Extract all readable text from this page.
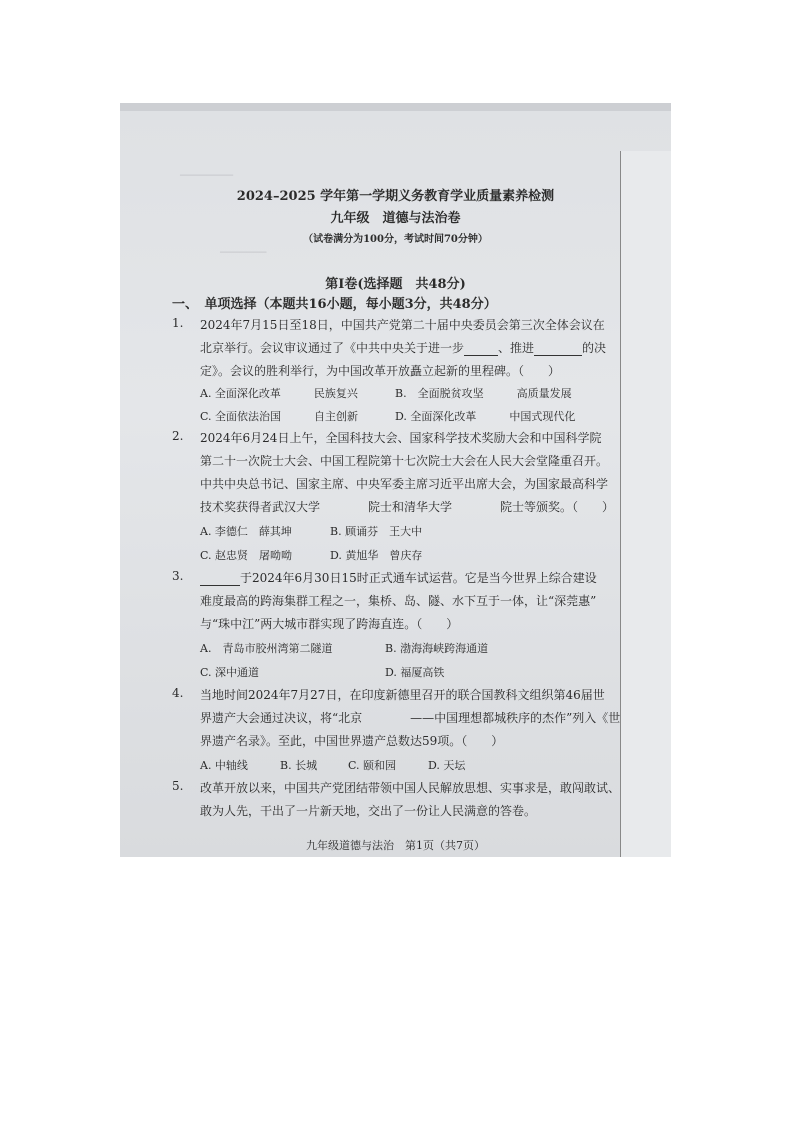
────────
───────
2024–2025 学年第一学期义务教育学业质量素养检测
九年级　道德与法治卷
（试卷满分为100分，考试时间70分钟）
第Ⅰ卷(选择题　共48分)
一、　单项选择（本题共16小题，每小题3分，共48分）
1. 2024年7月15日至18日，中国共产党第二十届中央委员会第三次全体会议在
北京举行。会议审议通过了《中共中央关于进一步	、推进	的决
定》。会议的胜利举行，为中国改革开放矗立起新的里程碑。（　　）
A. 全面深化改革　　　民族复兴	B.　全面脱贫攻坚　　　高质量发展
C. 全面依法治国　　　自主创新	D. 全面深化改革　　　中国式现代化
2. 2024年6月24日上午，全国科技大会、国家科学技术奖励大会和中国科学院
第二十一次院士大会、中国工程院第十七次院士大会在人民大会堂隆重召开。
中共中央总书记、国家主席、中央军委主席习近平出席大会，为国家最高科学
技术奖获得者武汉大学　　　　院士和清华大学　　　　院士等颁奖。（　　）
A. 李德仁　薛其坤	B. 顾诵芬　王大中
C. 赵忠贤　屠呦呦	D. 黄旭华　曾庆存
3.	于2024年6月30日15时正式通车试运营。它是当今世界上综合建设
难度最高的跨海集群工程之一，集桥、岛、隧、水下互于一体，让“深莞惠”
与“珠中江”两大城市群实现了跨海直连。（　　）
A.　青岛市胶州湾第二隧道	B. 渤海海峡跨海通道
C. 深中通道	D. 福厦高铁
4. 当地时间2024年7月27日，在印度新德里召开的联合国教科文组织第46届世
界遗产大会通过决议，将“北京　　　　——中国理想都城秩序的杰作”列入《世
界遗产名录》。至此，中国世界遗产总数达59项。（　　）
A. 中轴线	B. 长城	C. 颐和园	D. 天坛
5. 改革开放以来，中国共产党团结带领中国人民解放思想、实事求是，敢闯敢试、
敢为人先，干出了一片新天地，交出了一份让人民满意的答卷。
九年级道德与法治　第1页（共7页）
